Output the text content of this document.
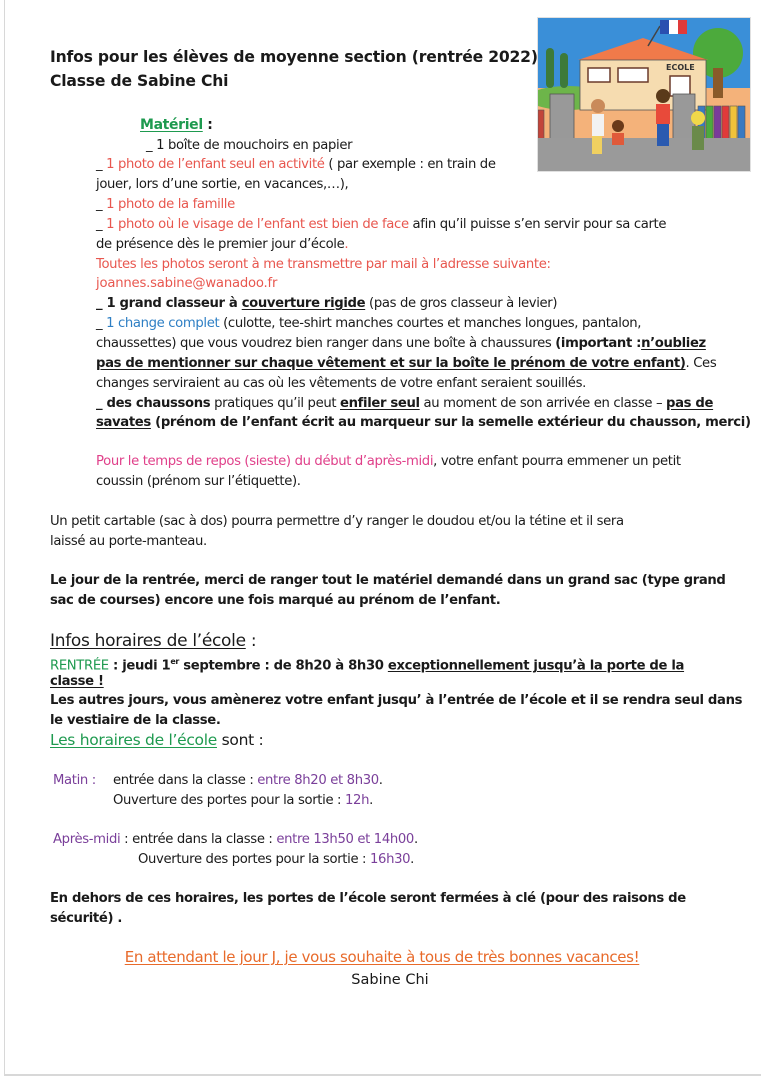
Infos pour les élèves de moyenne section (rentrée 2022)
Classe de Sabine Chi
ECOLE
Matériel :
_ 1 boîte de mouchoirs en papier
_ 1 photo de l’enfant seul en activité ( par exemple : en train de
jouer, lors d’une sortie, en vacances,…),
_ 1 photo de la famille
_ 1 photo où le visage de l’enfant est bien de face afin qu’il puisse s’en servir pour sa carte
de présence dès le premier jour d’école.
Toutes les photos seront à me transmettre par mail à l’adresse suivante:
joannes.sabine@wanadoo.fr
_ 1 grand classeur à couverture rigide (pas de gros classeur à levier)
_ 1 change complet (culotte, tee-shirt manches courtes et manches longues, pantalon,
chaussettes) que vous voudrez bien ranger dans une boîte à chaussures (important :n’oubliez
pas de mentionner sur chaque vêtement et sur la boîte le prénom de votre enfant). Ces
changes serviraient au cas où les vêtements de votre enfant seraient souillés.
_ des chaussons pratiques qu’il peut enfiler seul au moment de son arrivée en classe – pas de
savates (prénom de l’enfant écrit au marqueur sur la semelle extérieur du chausson, merci)
Pour le temps de repos (sieste) du début d’après-midi, votre enfant pourra emmener un petit
coussin (prénom sur l’étiquette).
Un petit cartable (sac à dos) pourra permettre d’y ranger le doudou et/ou la tétine et il sera
laissé au porte-manteau.
Le jour de la rentrée, merci de ranger tout le matériel demandé dans un grand sac (type grand
sac de courses) encore une fois marqué au prénom de l’enfant.
Infos horaires de l’école :
RENTRÉE : jeudi 1er septembre : de 8h20 à 8h30 exceptionnellement jusqu’à la porte de la
classe !
Les autres jours, vous amènerez votre enfant jusqu’ à l’entrée de l’école et il se rendra seul dans
le vestiaire de la classe.
Les horaires de l’école sont :
Matin : entrée dans la classe : entre 8h20 et 8h30.
Ouverture des portes pour la sortie : 12h.
Après-midi : entrée dans la classe : entre 13h50 et 14h00.
Ouverture des portes pour la sortie : 16h30.
En dehors de ces horaires, les portes de l’école seront fermées à clé (pour des raisons de
sécurité) .
En attendant le jour J, je vous souhaite à tous de très bonnes vacances!
Sabine Chi
